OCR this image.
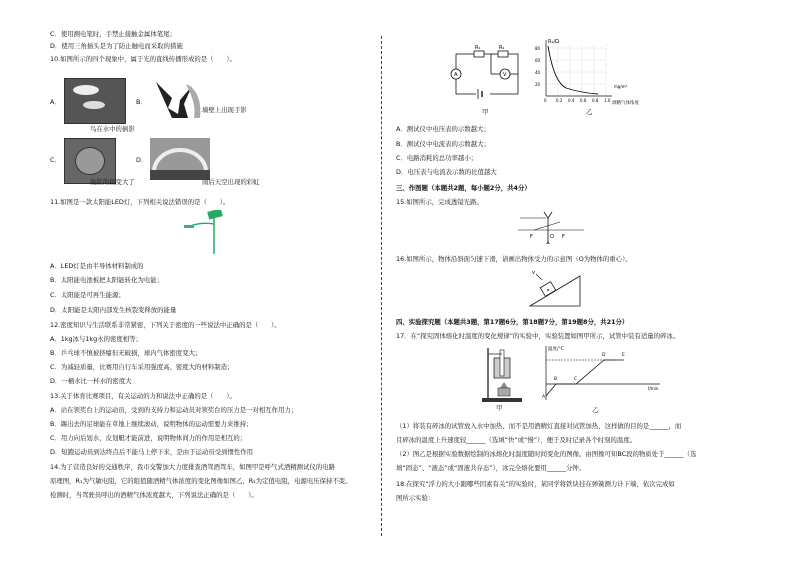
C．使用测电笔时，手禁止接触金属体笔尾；
D．使用三角插头是为了防止触电而采取的措施
10.如图所示的四个现象中，属于光的直线传播形成的是（　　）。
A．
鸟在水中的倒影
B．
墙壁上出现手影
C．
鱼缸的鱼变大了
D．
雨后天空出现的彩虹
11.如图是一款太阳能LED灯，下列相关说法错误的是（　　）。
A．LED灯是由半导体材料制成的
B．太阳能电池板把太阳能转化为电能；
C．太阳能是可再生能源；
D．太阳能是太阳内部发生核裂变释放的能量
12.密度知识与生活联系非常紧密，下列关于密度的一些说法中正确的是（　　）。
A．1kg冰与1kg水的密度相等；
B．乒乓球不慎被挤瘪但无破损，球内气体密度变大；
C．为减轻质量，比赛用自行车采用强度高、密度大的材料制造；
D．一桶水比一杯水的密度大
13.关于体育比赛项目，有关运动的力和说法中正确的是（　　）。
A．站在领奖台上的运动员，受到的支持力和运动员对领奖台的压力是一对相互作用力；
B．踢出去的足球能在草地上继续滚动，说明物体的运动需要力来维持；
C．用力向后划水，皮划艇才能前进，说明物体间力的作用是相互的；
D．短跑运动员到达终点后不能马上停下来，是由于运动员受到惯性作用
14.为了营造良好的交通秩序，我市交警加大力度排查酒驾酒驾车，如图甲是呼气式酒精测试仪的电路
原理图，R₁为气敏电阻，它的阻值随酒精气体浓度的变化图像如图乙，R₂为定值电阻，电源电压保持不变。
检测时，当驾驶员呼出的酒精气体浓度越大，下列说法正确的是（　　）。
R₁	R₂
A	V
甲
R₁/Ω
mg/m³
酒精气体浓度
80
60
40
20
0 0.2 0.4 0.6 0.8 1.0
乙
A．测试仪中电压表的示数越大；
B．测试仪中电流表的示数越大；
C．电路消耗的总功率越小；
D．电压表与电流表示数的比值越大
三、作图题（本题共2题，每小题2分，共4分）
15.如图所示，完成透镜光路。
F	O F
16.如图所示，物体沿斜面匀速下滑，请画出物体受力的示意图（O为物体的重心）。
v
四、实验探究题（本题共3题，第17题6分，第18题7分，第19题8分，共21分）
17．在“探究固体熔化时温度的变化规律”的实验中，实验装置如图甲所示，试管中装有适量的碎冰。
甲
温度/°C
t/min
A
B	C
D	E
乙
（1）将装有碎冰的试管放入水中加热，而不是用酒精灯直接对试管加热，这样做的目的是______，而
且碎冰的温度上升速度较______（选填“快”或“慢”），便于及时记录各个时刻的温度。
（2）图乙是根据实验数据绘制的冰熔化时温度随时间变化的图像。由图像可知BC段的物质处于______（选
填“固态”、“液态”或“固液共存态”），冰完全熔化要用______分钟。
18.在探究“浮力的大小跟哪些因素有关”的实验时，某同学将铁块挂在弹簧测力计下端，依次完成如
图所示实验：
